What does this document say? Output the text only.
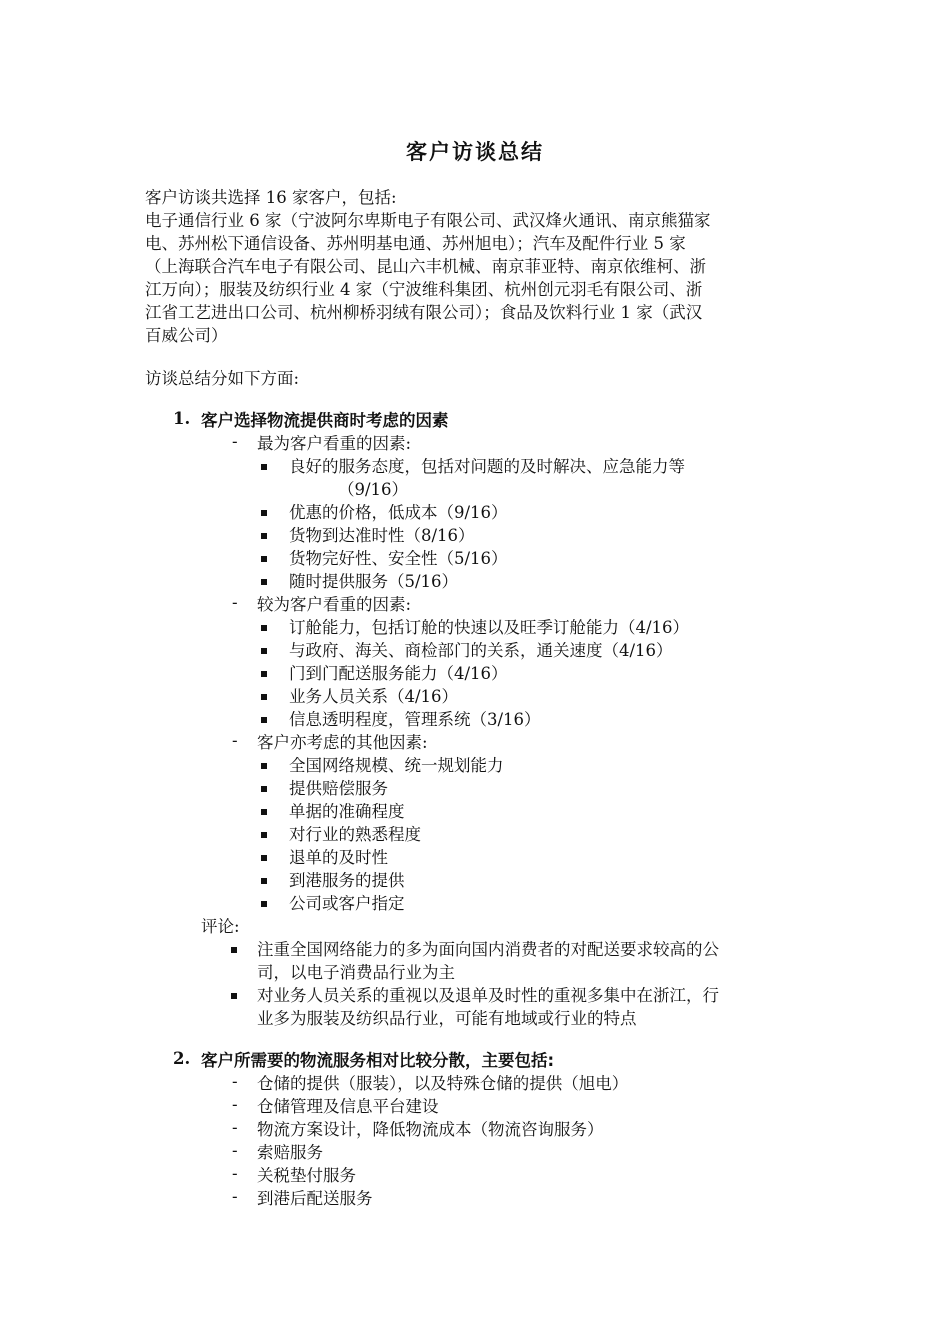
客户访谈总结
客户访谈共选择 16 家客户，包括:
电子通信行业 6 家（宁波阿尔卑斯电子有限公司、武汉烽火通讯、南京熊猫家
电、苏州松下通信设备、苏州明基电通、苏州旭电）；汽车及配件行业 5 家
（上海联合汽车电子有限公司、昆山六丰机械、南京菲亚特、南京依维柯、浙
江万向）；服装及纺织行业 4 家（宁波维科集团、杭州创元羽毛有限公司、浙
江省工艺进出口公司、杭州柳桥羽绒有限公司）；食品及饮料行业 1 家（武汉
百威公司）
访谈总结分如下方面:
1. 客户选择物流提供商时考虑的因素
- 最为客户看重的因素:
良好的服务态度，包括对问题的及时解决、应急能力等
（9/16）
优惠的价格，低成本（9/16）
货物到达准时性（8/16）
货物完好性、安全性（5/16）
随时提供服务（5/16）
- 较为客户看重的因素:
订舱能力，包括订舱的快速以及旺季订舱能力（4/16）
与政府、海关、商检部门的关系，通关速度（4/16）
门到门配送服务能力（4/16）
业务人员关系（4/16）
信息透明程度，管理系统（3/16）
- 客户亦考虑的其他因素:
全国网络规模、统一规划能力
提供赔偿服务
单据的准确程度
对行业的熟悉程度
退单的及时性
到港服务的提供
公司或客户指定
评论:
注重全国网络能力的多为面向国内消费者的对配送要求较高的公
司，以电子消费品行业为主
对业务人员关系的重视以及退单及时性的重视多集中在浙江，行
业多为服装及纺织品行业，可能有地域或行业的特点
2. 客户所需要的物流服务相对比较分散，主要包括:
- 仓储的提供（服装），以及特殊仓储的提供（旭电）
- 仓储管理及信息平台建设
- 物流方案设计，降低物流成本（物流咨询服务）
- 索赔服务
- 关税垫付服务
- 到港后配送服务
